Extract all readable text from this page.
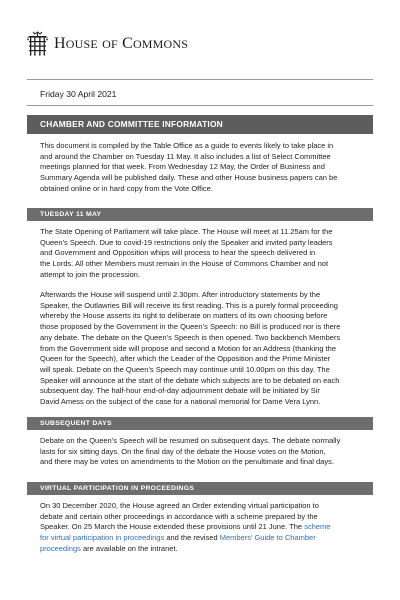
HOUSE OF COMMONS
Friday 30 April 2021
CHAMBER AND COMMITTEE INFORMATION

This document is compiled by the Table Office as a guide to events likely to take place in
and around the Chamber on Tuesday 11 May. It also includes a list of Select Committee
meetings planned for that week. From Wednesday 12 May, the Order of Business and
Summary Agenda will be published daily. These and other House business papers can be
obtained online or in hard copy from the Vote Office.

TUESDAY 11 MAY

The State Opening of Parliament will take place. The House will meet at 11.25am for the
Queen’s Speech. Due to covid-19 restrictions only the Speaker and invited party leaders
and Government and Opposition whips will process to hear the speech delivered in
the Lords. All other Members must remain in the House of Commons Chamber and not
attempt to join the procession.

Afterwards the House will suspend until 2.30pm. After introductory statements by the
Speaker, the Outlawries Bill will receive its first reading. This is a purely formal proceeding
whereby the House asserts its right to deliberate on matters of its own choosing before
those proposed by the Government in the Queen’s Speech: no Bill is produced nor is there
any debate. The debate on the Queen’s Speech is then opened. Two backbench Members
from the Government side will propose and second a Motion for an Address (thanking the
Queen for the Speech), after which the Leader of the Opposition and the Prime Minister
will speak. Debate on the Queen’s Speech may continue until 10.00pm on this day. The
Speaker will announce at the start of the debate which subjects are to be debated on each
subsequent day. The half-hour end-of-day adjournment debate will be initiated by Sir
David Amess on the subject of the case for a national memorial for Dame Vera Lynn.

SUBSEQUENT DAYS

Debate on the Queen’s Speech will be resumed on subsequent days. The debate normally
lasts for six sitting days. On the final day of the debate the House votes on the Motion,
and there may be votes on amendments to the Motion on the penultimate and final days.

VIRTUAL PARTICIPATION IN PROCEEDINGS

On 30 December 2020, the House agreed an Order extending virtual participation to
debate and certain other proceedings in accordance with a scheme prepared by the
Speaker. On 25 March the House extended these provisions until 21 June. The scheme
for virtual participation in proceedings and the revised Members’ Guide to Chamber
proceedings are available on the intranet.
